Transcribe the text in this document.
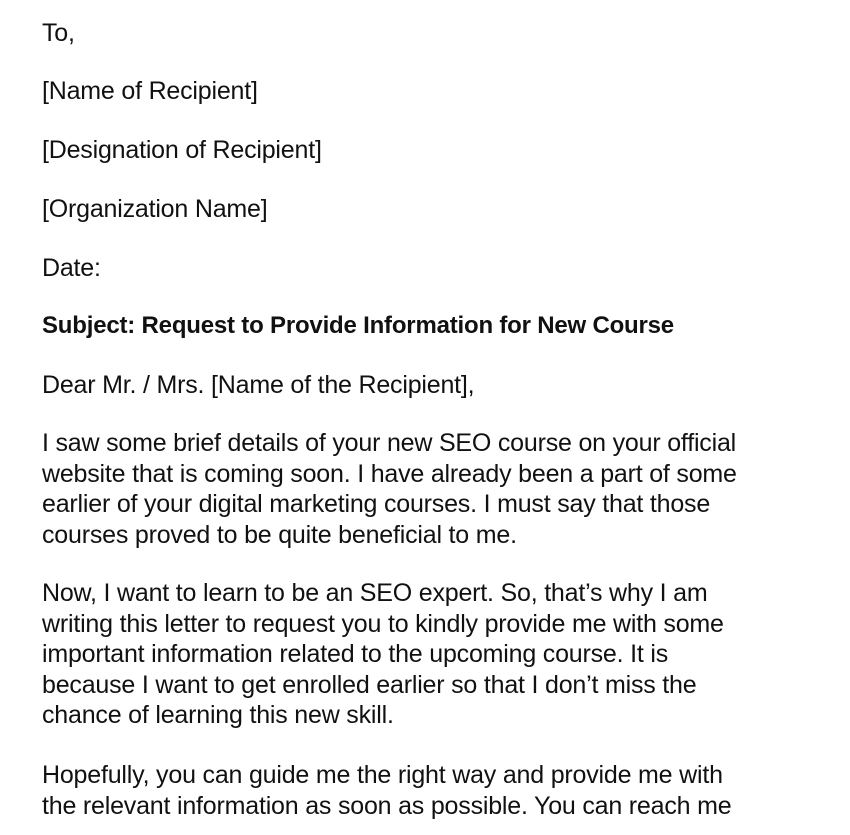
To,
[Name of Recipient]
[Designation of Recipient]
[Organization Name]
Date:
Subject: Request to Provide Information for New Course
Dear Mr. / Mrs. [Name of the Recipient],
I saw some brief details of your new SEO course on your official
website that is coming soon. I have already been a part of some
earlier of your digital marketing courses. I must say that those
courses proved to be quite beneficial to me.
Now, I want to learn to be an SEO expert. So, that’s why I am
writing this letter to request you to kindly provide me with some
important information related to the upcoming course. It is
because I want to get enrolled earlier so that I don’t miss the
chance of learning this new skill.
Hopefully, you can guide me the right way and provide me with
the relevant information as soon as possible. You can reach me
